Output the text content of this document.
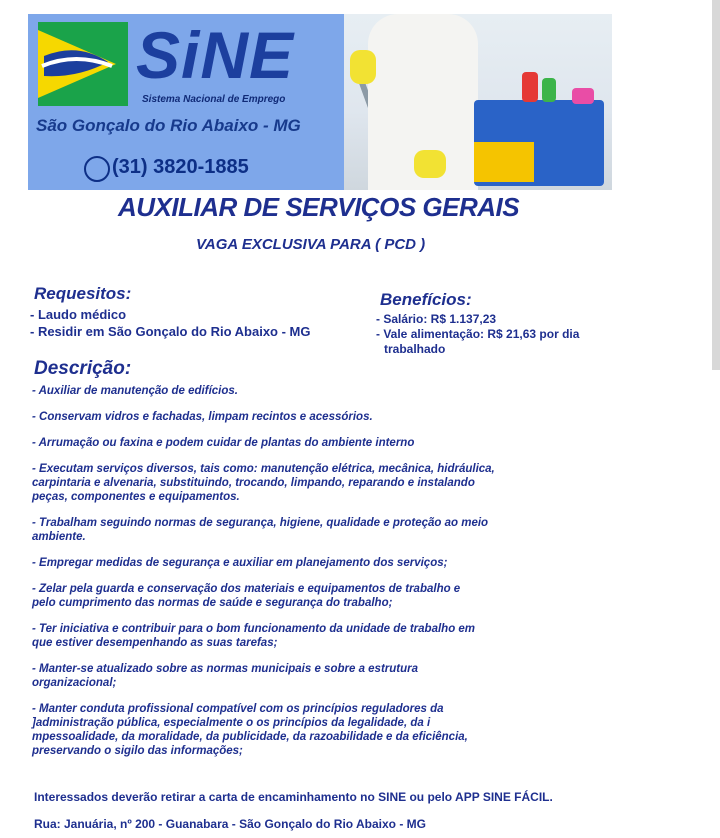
SiNE
Sistema Nacional de Emprego
São Gonçalo do Rio Abaixo - MG
(31) 3820-1885
AUXILIAR DE SERVIÇOS GERAIS
VAGA EXCLUSIVA PARA ( PCD )
Requesitos:
- Laudo médico
- Residir em São Gonçalo do Rio Abaixo - MG
Benefícios:
- Salário: R$ 1.137,23
- Vale alimentação: R$ 21,63 por dia
trabalhado
Descrição:

- Auxiliar de manutenção de edifícios.

- Conservam vidros e fachadas, limpam recintos e acessórios.

- Arrumação ou faxina e podem cuidar de plantas do ambiente interno

- Executam serviços diversos, tais como: manutenção elétrica, mecânica, hidráulica,
carpintaria e alvenaria, substituindo, trocando, limpando, reparando e instalando
peças, componentes e equipamentos.

- Trabalham seguindo normas de segurança, higiene, qualidade e proteção ao meio
ambiente.

- Empregar medidas de segurança e auxiliar em planejamento dos serviços;

- Zelar pela guarda e conservação dos materiais e equipamentos de trabalho e
pelo cumprimento das normas de saúde e segurança do trabalho;

- Ter iniciativa e contribuir para o bom funcionamento da unidade de trabalho em
que estiver desempenhando as suas tarefas;

- Manter-se atualizado sobre as normas municipais e sobre a estrutura
organizacional;

- Manter conduta profissional compatível com os princípios reguladores da
]administração pública, especialmente o os princípios da legalidade, da i
mpessoalidade, da moralidade, da publicidade, da razoabilidade e da eficiência,
preservando o sigilo das informações;

Interessados deverão retirar a carta de encaminhamento no SINE ou pelo APP SINE FÁCIL.
Rua: Januária, nº 200 - Guanabara - São Gonçalo do Rio Abaixo - MG
